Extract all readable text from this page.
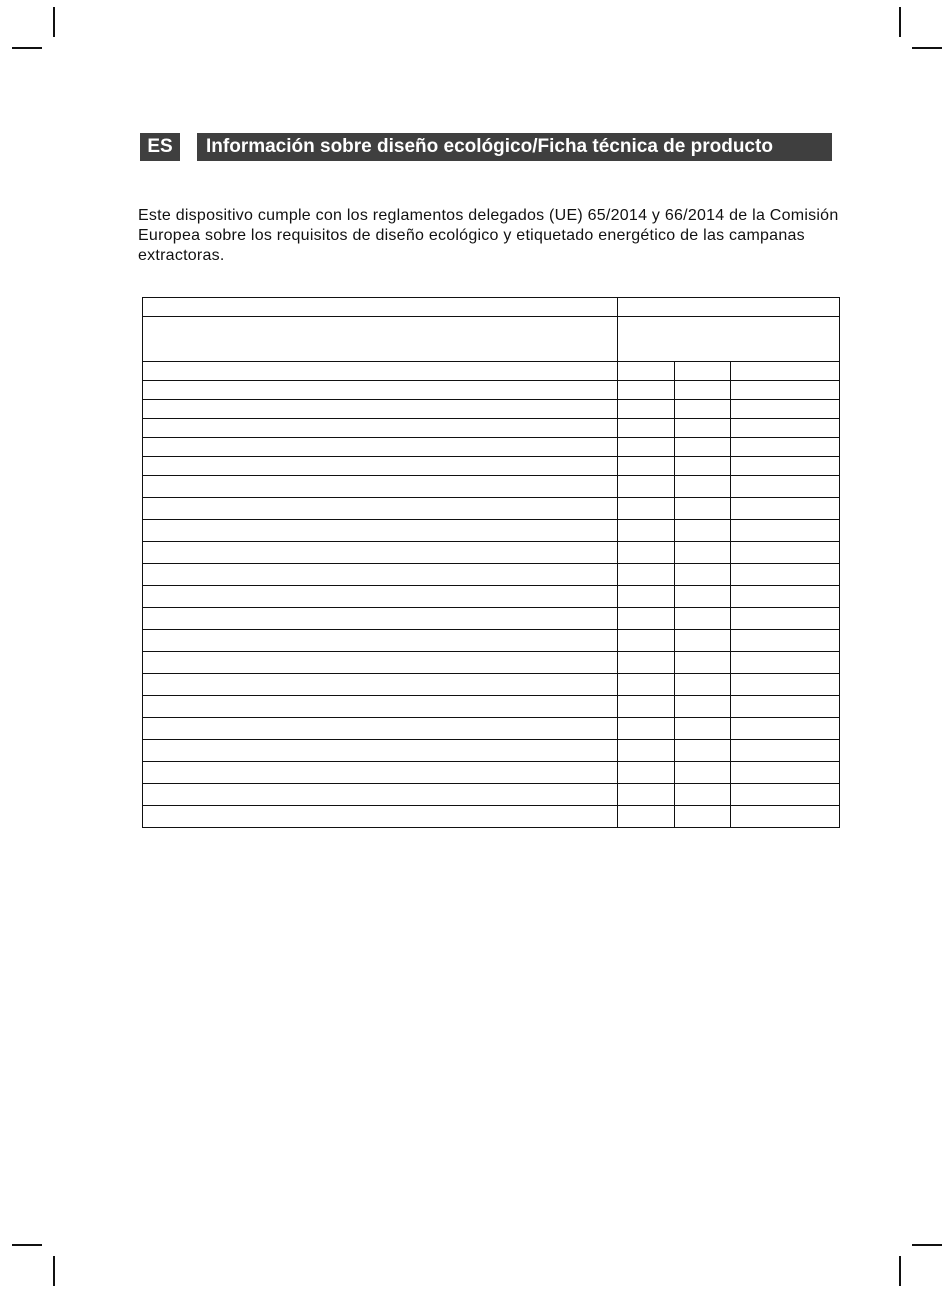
ES	Información sobre diseño ecológico/Ficha técnica de producto

Este dispositivo cumple con los reglamentos delegados (UE) 65/2014 y 66/2014 de la Comisión Europea sobre los requisitos de diseño ecológico y etiquetado energético de las campanas extractoras.
